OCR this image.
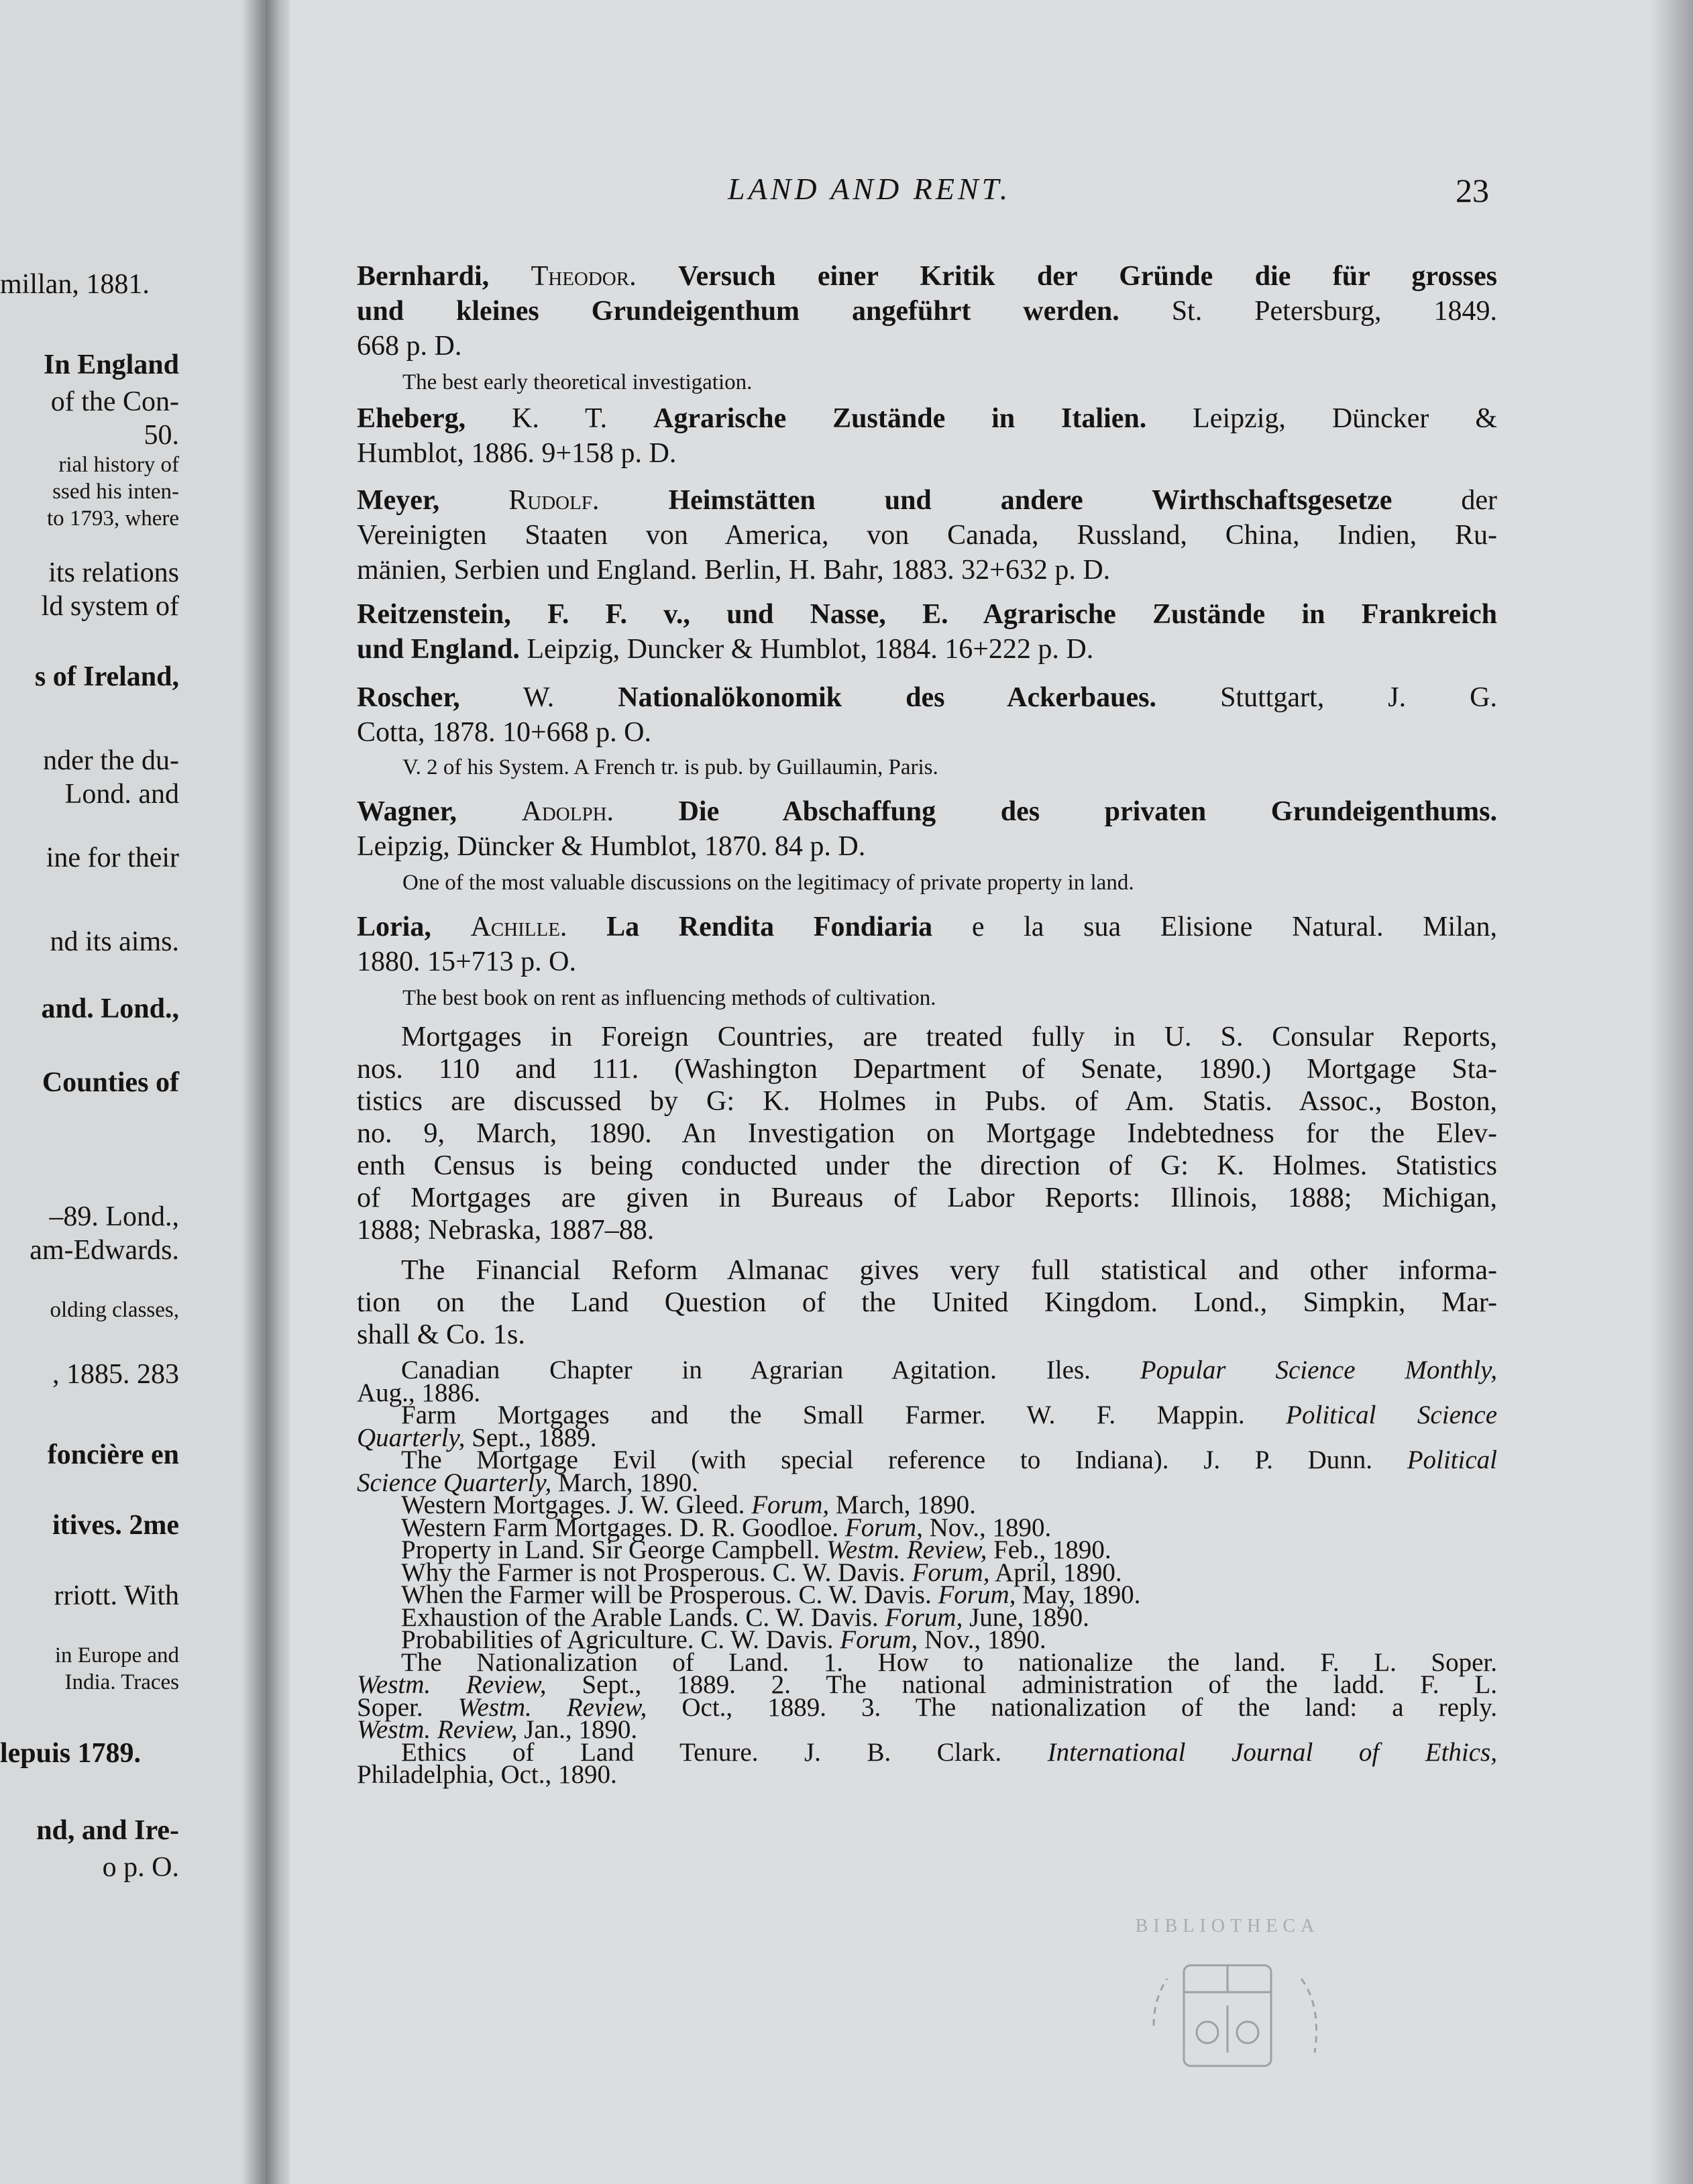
millan, 1881.
In England
of the Con-
50.
rial history of
ssed his inten-
to 1793, where
its relations
ld system of
s of Ireland,
nder the du-
Lond. and
ine for their
nd its aims.
and. Lond.,
Counties of
–89. Lond.,
am-Edwards.
olding classes,
, 1885. 283
foncière en
itives. 2me
rriott. With
in Europe and
India. Traces
lepuis 1789.
nd, and Ire-
o p. O.
LAND AND RENT.	23
Bernhardi, Theodor. Versuch einer Kritik der Gründe die für grosses
und kleines Grundeigenthum angeführt werden. St. Petersburg, 1849.
668 p. D.
The best early theoretical investigation.
Eheberg, K. T. Agrarische Zustände in Italien. Leipzig, Düncker &
Humblot, 1886. 9+158 p. D.
Meyer, Rudolf. Heimstätten und andere Wirthschaftsgesetze der
Vereinigten Staaten von America, von Canada, Russland, China, Indien, Ru-
mänien, Serbien und England. Berlin, H. Bahr, 1883. 32+632 p. D.
Reitzenstein, F. F. v., und Nasse, E. Agrarische Zustände in Frankreich
und England. Leipzig, Duncker & Humblot, 1884. 16+222 p. D.
Roscher, W. Nationalökonomik des Ackerbaues. Stuttgart, J. G.
Cotta, 1878. 10+668 p. O.
V. 2 of his System. A French tr. is pub. by Guillaumin, Paris.
Wagner, Adolph. Die Abschaffung des privaten Grundeigenthums.
Leipzig, Düncker & Humblot, 1870. 84 p. D.
One of the most valuable discussions on the legitimacy of private property in land.
Loria, Achille. La Rendita Fondiaria e la sua Elisione Natural. Milan,
1880. 15+713 p. O.
The best book on rent as influencing methods of cultivation.
BIBLIOTHECA
Mortgages in Foreign Countries, are treated fully in U. S. Consular Reports,
nos. 110 and 111. (Washington Department of Senate, 1890.) Mortgage Sta-
tistics are discussed by G: K. Holmes in Pubs. of Am. Statis. Assoc., Boston,
no. 9, March, 1890. An Investigation on Mortgage Indebtedness for the Elev-
enth Census is being conducted under the direction of G: K. Holmes. Statistics
of Mortgages are given in Bureaus of Labor Reports: Illinois, 1888; Michigan,
1888; Nebraska, 1887–88.
The Financial Reform Almanac gives very full statistical and other informa-
tion on the Land Question of the United Kingdom. Lond., Simpkin, Mar-
shall & Co. 1s.
Canadian Chapter in Agrarian Agitation. Iles. Popular Science Monthly,
Aug., 1886.
Farm Mortgages and the Small Farmer. W. F. Mappin. Political Science
Quarterly, Sept., 1889.
The Mortgage Evil (with special reference to Indiana). J. P. Dunn. Political
Science Quarterly, March, 1890.
Western Mortgages. J. W. Gleed. Forum, March, 1890.
Western Farm Mortgages. D. R. Goodloe. Forum, Nov., 1890.
Property in Land. Sir George Campbell. Westm. Review, Feb., 1890.
Why the Farmer is not Prosperous. C. W. Davis. Forum, April, 1890.
When the Farmer will be Prosperous. C. W. Davis. Forum, May, 1890.
Exhaustion of the Arable Lands. C. W. Davis. Forum, June, 1890.
Probabilities of Agriculture. C. W. Davis. Forum, Nov., 1890.
The Nationalization of Land. 1. How to nationalize the land. F. L. Soper.
Westm. Review, Sept., 1889. 2. The national administration of the ladd. F. L.
Soper. Westm. Review, Oct., 1889. 3. The nationalization of the land: a reply.
Westm. Review, Jan., 1890.
Ethics of Land Tenure. J. B. Clark. International Journal of Ethics,
Philadelphia, Oct., 1890.
